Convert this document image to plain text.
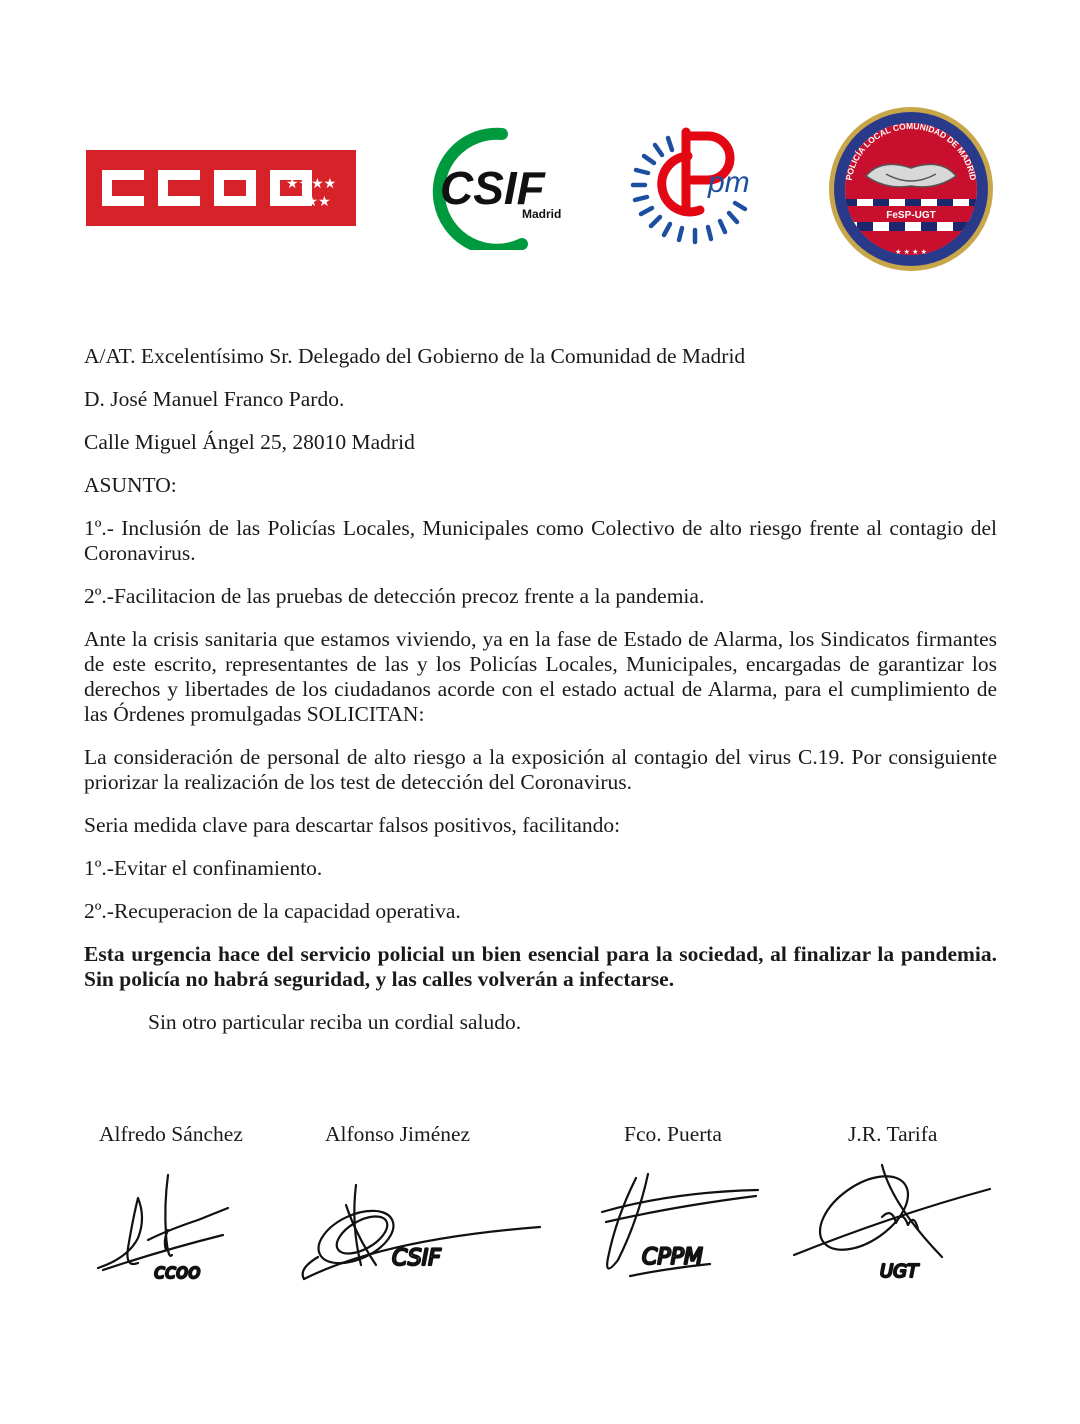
★★★★
★★★ CSIF
Madrid
pm
FeSP-UGT
POLICÍA LOCAL COMUNIDAD DE MADRID
★ ★ ★ ★

A/AT. Excelentísimo Sr. Delegado del Gobierno de la Comunidad de Madrid

D. José Manuel Franco Pardo.

Calle Miguel Ángel 25, 28010 Madrid

ASUNTO:

1º.- Inclusión de las Policías Locales, Municipales como Colectivo de alto riesgo frente al contagio del Coronavirus.

2º.-Facilitacion de las pruebas de detección precoz frente a la pandemia.

Ante la crisis sanitaria que estamos viviendo, ya en la fase de Estado de Alarma, los Sindicatos firmantes de este escrito, representantes de las y los Policías Locales, Municipales, encargadas de garantizar los derechos y libertades de los ciudadanos acorde con el estado actual de Alarma, para el cumplimiento de las Órdenes promulgadas SOLICITAN:

La consideración de personal de alto riesgo a la exposición al contagio del virus C.19. Por consiguiente priorizar la realización de los test de detección del Coronavirus.

Seria medida clave para descartar falsos positivos, facilitando:

1º.-Evitar el confinamiento.

2º.-Recuperacion de la capacidad operativa.

Esta urgencia hace del servicio policial un bien esencial para la sociedad, al finalizar la pandemia. Sin policía no habrá seguridad, y las calles volverán a infectarse.

Sin otro particular reciba un cordial saludo.

Alfredo Sánchez	Alfonso Jiménez	Fco. Puerta	J.R. Tarifa
ccoo	CSIF	CPPM
UGT
